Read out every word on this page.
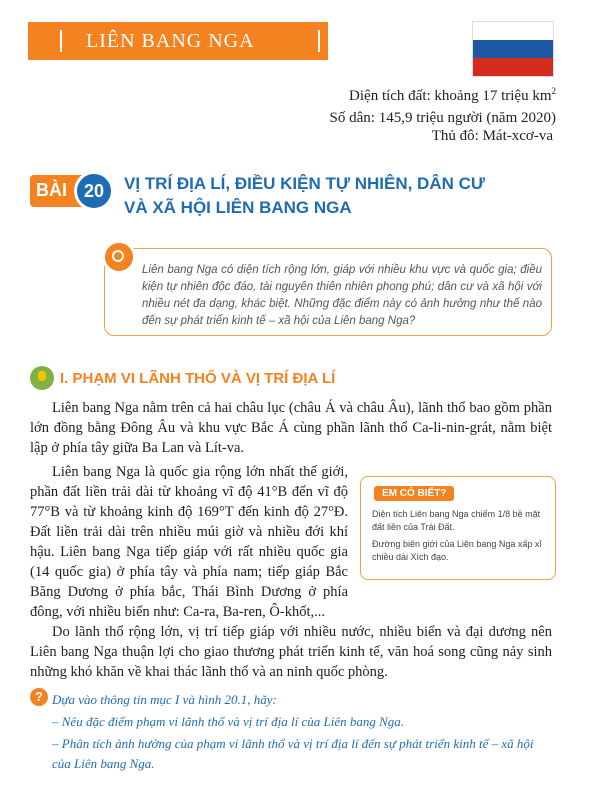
LIÊN BANG NGA
Diện tích đất: khoảng 17 triệu $km^2$
Số dân: 145,9 triệu người (năm 2020)
Thủ đô: Mát-xcơ-va
BÀI 20	VỊ TRÍ ĐỊA LÍ, ĐIỀU KIỆN TỰ NHIÊN, DÂN CƯ
VÀ XÃ HỘI LIÊN BANG NGA
Liên bang Nga có diện tích rộng lớn, giáp với nhiều khu vực và quốc gia; điều kiện tự nhiên độc đáo, tài nguyên thiên nhiên phong phú; dân cư và xã hội với nhiều nét đa dạng, khác biệt. Những đặc điểm này có ảnh hưởng như thế nào đến sự phát triển kinh tế – xã hội của Liên bang Nga?
I. PHẠM VI LÃNH THỔ VÀ VỊ TRÍ ĐỊA LÍ
Liên bang Nga nằm trên cả hai châu lục (châu Á và châu Âu), lãnh thổ bao gồm phần lớn đồng bằng Đông Âu và khu vực Bắc Á cùng phần lãnh thổ Ca-li-nin-grát, nằm biệt lập ở phía tây giữa Ba Lan và Lít-va.
Liên bang Nga là quốc gia rộng lớn nhất thế giới, phần đất liền trải dài từ khoảng vĩ độ 41°B đến vĩ độ 77°B và từ khoảng kinh độ 169°T đến kinh độ 27°Đ. Đất liền trải dài trên nhiều múi giờ và nhiều đới khí hậu. Liên bang Nga tiếp giáp với rất nhiều quốc gia (14 quốc gia) ở phía tây và phía nam; tiếp giáp Bắc Băng Dương ở phía bắc, Thái Bình Dương ở phía đông, với nhiều biển như: Ca-ra, Ba-ren, Ô-khốt,...
EM CÓ BIẾT?

Diện tích Liên bang Nga chiếm 1/8 bề mặt đất liền của Trái Đất.

Đường biên giới của Liên bang Nga xấp xỉ chiều dài Xích đạo.

Do lãnh thổ rộng lớn, vị trí tiếp giáp với nhiều nước, nhiều biển và đại dương nên Liên bang Nga thuận lợi cho giao thương phát triển kinh tế, văn hoá song cũng nảy sinh những khó khăn về khai thác lãnh thổ và an ninh quốc phòng.
? Dựa vào thông tin mục I và hình 20.1, hãy:
– Nêu đặc điểm phạm vi lãnh thổ và vị trí địa lí của Liên bang Nga.
– Phân tích ảnh hưởng của phạm vi lãnh thổ và vị trí địa lí đến sự phát triển kinh tế – xã hội của Liên bang Nga.
